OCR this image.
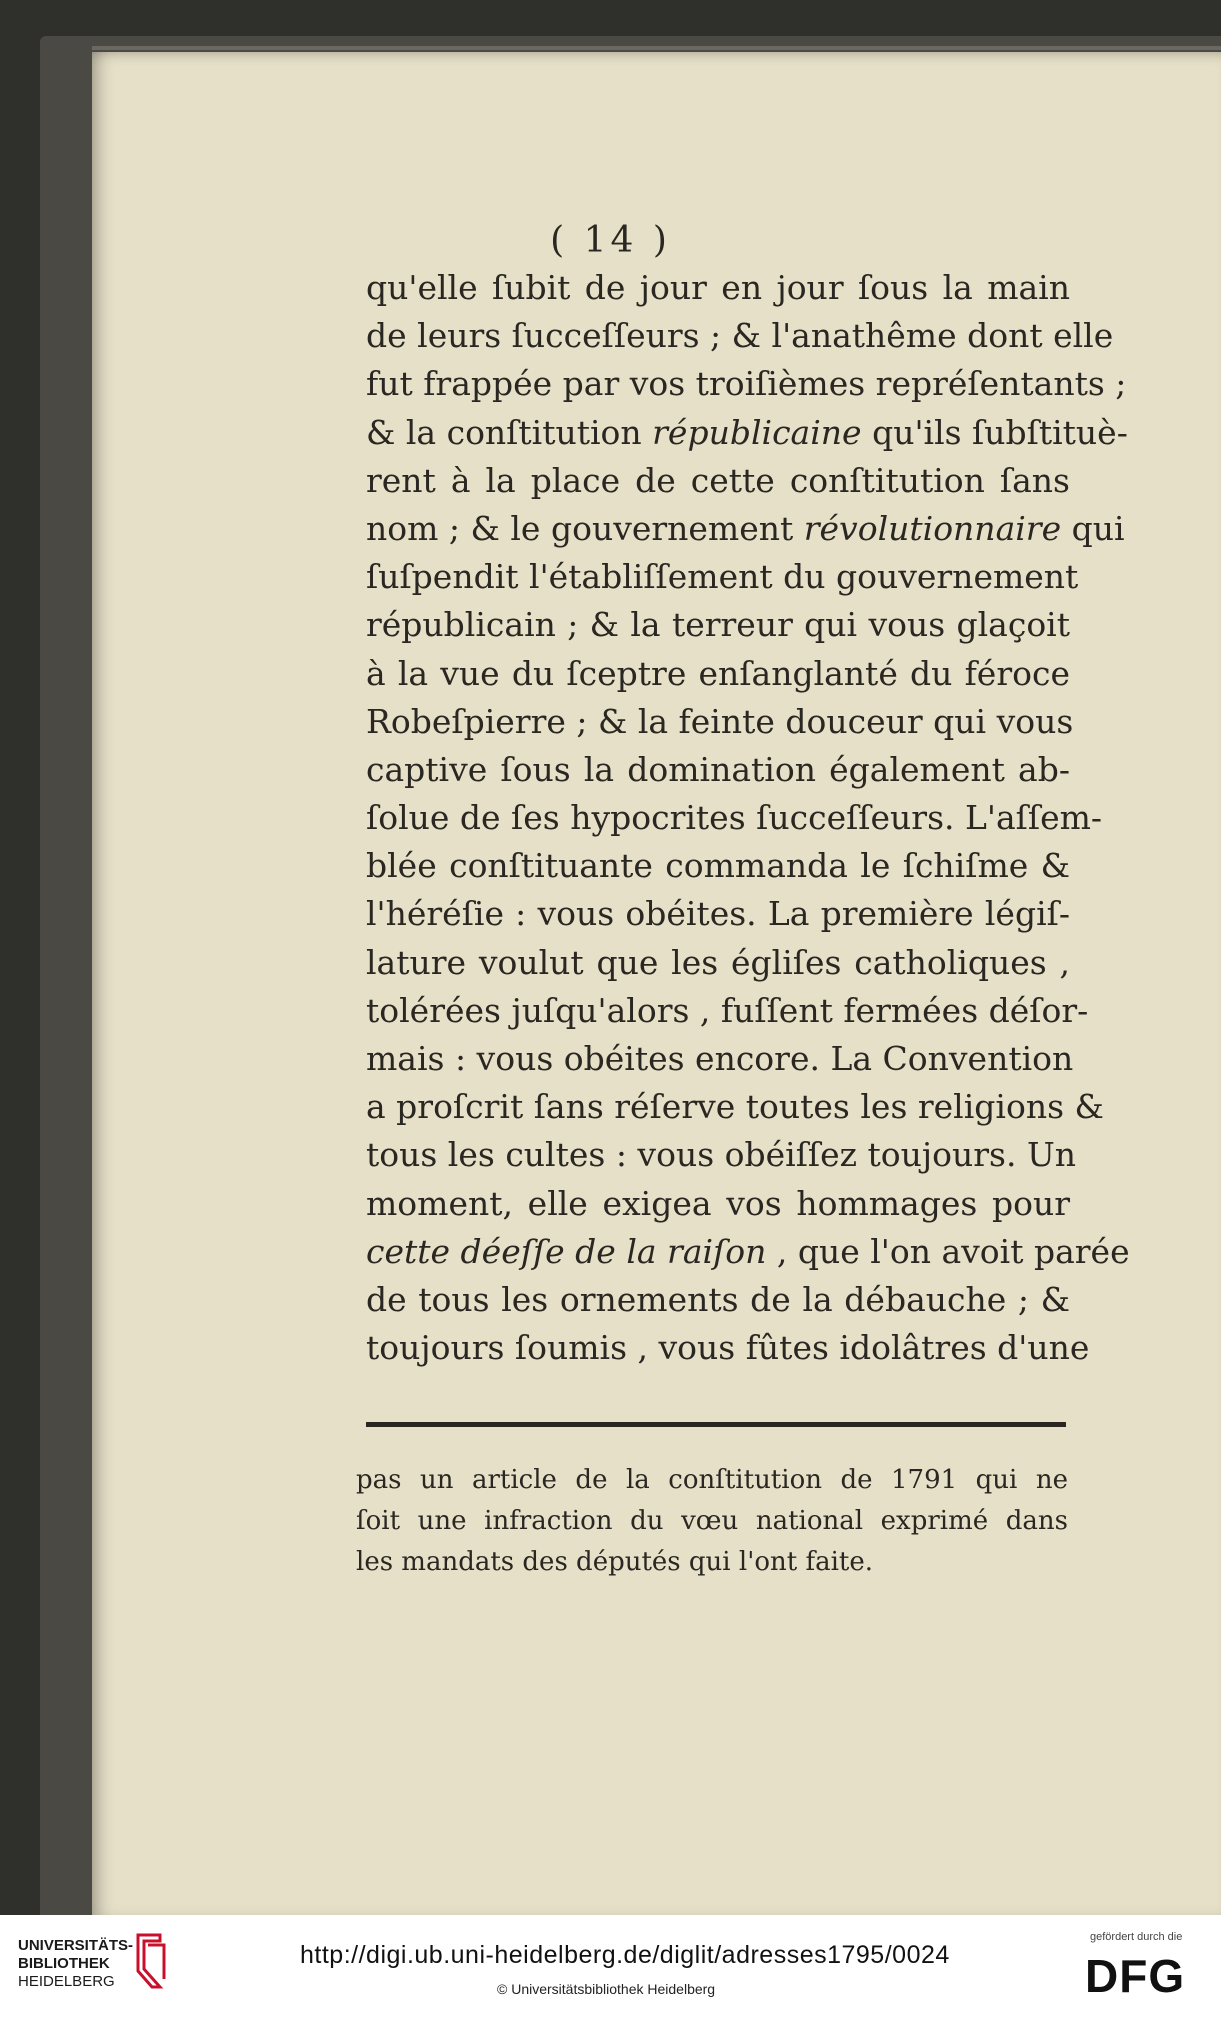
( 14 )
qu'elle ſubit de jour en jour ſous la main
de leurs ſucceſſeurs ; & l'anathême dont elle
fut frappée par vos troiſièmes repréſentants ;
& la conſtitution républicaine qu'ils ſubſtituè-
rent à la place de cette conſtitution ſans
nom ; & le gouvernement révolutionnaire qui
ſuſpendit l'établiſſement du gouvernement
républicain ; & la terreur qui vous glaçoit
à la vue du ſceptre enſanglanté du féroce
Robeſpierre ; & la feinte douceur qui vous
captive ſous la domination également ab-
ſolue de ſes hypocrites ſucceſſeurs. L'aſſem-
blée conſtituante commanda le ſchiſme &
l'héréſie : vous obéites. La première légiſ-
lature voulut que les égliſes catholiques ,
tolérées juſqu'alors , fuſſent fermées déſor-
mais : vous obéites encore. La Convention
a proſcrit ſans réſerve toutes les religions &
tous les cultes : vous obéiſſez toujours. Un
moment, elle exigea vos hommages pour
cette déeſſe de la raiſon , que l'on avoit parée
de tous les ornements de la débauche ; &
toujours ſoumis , vous fûtes idolâtres d'une
pas un article de la conſtitution de 1791 qui ne
ſoit une infraction du vœu national exprimé dans
les mandats des députés qui l'ont faite.
UNIVERSITÄTS-
BIBLIOTHEK
HEIDELBERG
http://digi.ub.uni-heidelberg.de/diglit/adresses1795/0024
© Universitätsbibliothek Heidelberg
gefördert durch die
DFG
